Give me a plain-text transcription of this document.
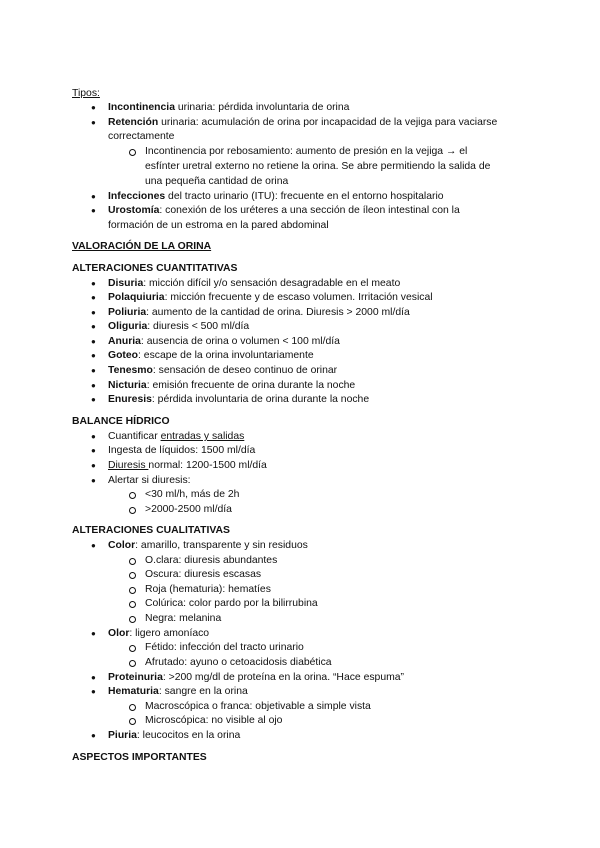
Tipos:
● Incontinencia urinaria: pérdida involuntaria de orina
● Retención urinaria: acumulación de orina por incapacidad de la vejiga para vaciarse
correctamente
Incontinencia por rebosamiento: aumento de presión en la vejiga → el
esfínter uretral externo no retiene la orina. Se abre permitiendo la salida de
una pequeña cantidad de orina
● Infecciones del tracto urinario (ITU): frecuente en el entorno hospitalario
● Urostomía: conexión de los uréteres a una sección de íleon intestinal con la
formación de un estroma en la pared abdominal
VALORACIÓN DE LA ORINA
ALTERACIONES CUANTITATIVAS
● Disuria: micción difícil y/o sensación desagradable en el meato
● Polaquiuria: micción frecuente y de escaso volumen. Irritación vesical
● Poliuria: aumento de la cantidad de orina. Diuresis > 2000 ml/día
● Oliguria: diuresis < 500 ml/día
● Anuria: ausencia de orina o volumen < 100 ml/día
● Goteo: escape de la orina involuntariamente
● Tenesmo: sensación de deseo continuo de orinar
● Nicturia: emisión frecuente de orina durante la noche
● Enuresis: pérdida involuntaria de orina durante la noche
BALANCE HÍDRICO
● Cuantificar entradas y salidas
● Ingesta de líquidos: 1500 ml/día
● Diuresis normal: 1200-1500 ml/día
● Alertar si diuresis:
<30 ml/h, más de 2h
>2000-2500 ml/día
ALTERACIONES CUALITATIVAS
● Color: amarillo, transparente y sin residuos
O.clara: diuresis abundantes
Oscura: diuresis escasas
Roja (hematuria): hematíes
Colúrica: color pardo por la bilirrubina
Negra: melanina
● Olor: ligero amoníaco
Fétido: infección del tracto urinario
Afrutado: ayuno o cetoacidosis diabética
● Proteinuria: >200 mg/dl de proteína en la orina. “Hace espuma”
● Hematuria: sangre en la orina
Macroscópica o franca: objetivable a simple vista
Microscópica: no visible al ojo
● Piuria: leucocitos en la orina
ASPECTOS IMPORTANTES
